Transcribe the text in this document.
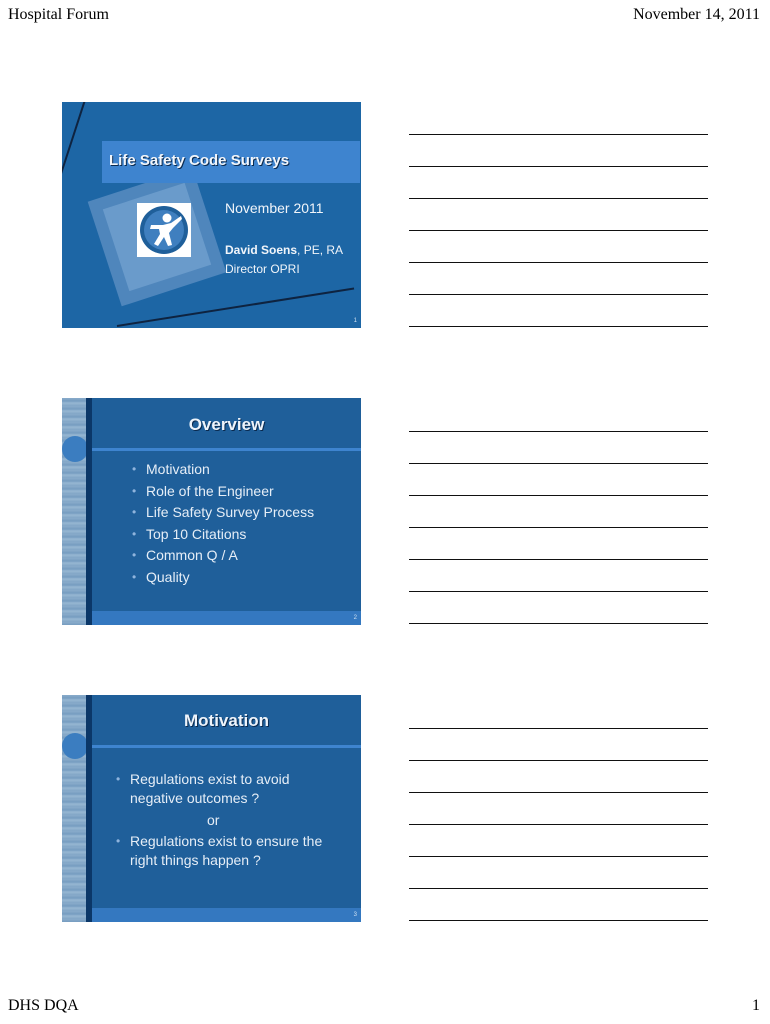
Hospital Forum	November 14, 2011
Life Safety Code Surveys
November 2011
David Soens, PE, RA
Director OPRI
1
Overview
• Motivation
• Role of the Engineer
• Life Safety Survey Process
• Top 10 Citations
• Common Q / A
• Quality
2
Motivation
• Regulations exist to avoid negative outcomes ?
or
• Regulations exist to ensure the right things happen ?
3
DHS DQA	1
